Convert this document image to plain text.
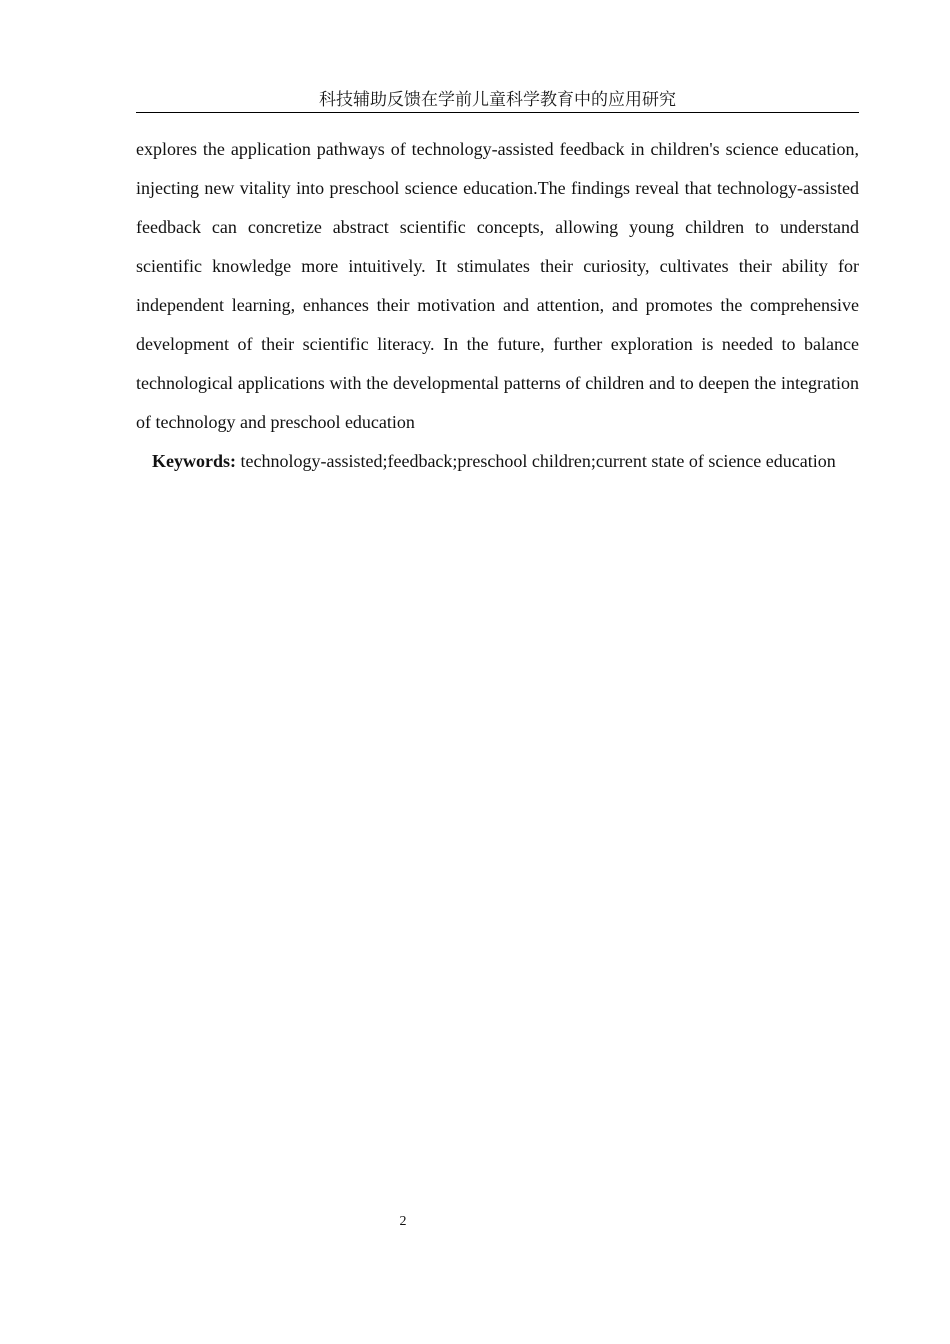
科技辅助反馈在学前儿童科学教育中的应用研究

explores the application pathways of technology-assisted feedback in children's science education, injecting new vitality into preschool science education.The findings reveal that technology-assisted feedback can concretize abstract scientific concepts, allowing young children to understand scientific knowledge more intuitively. It stimulates their curiosity, cultivates their ability for independent learning, enhances their motivation and attention, and promotes the comprehensive development of their scientific literacy. In the future, further exploration is needed to balance technological applications with the developmental patterns of children and to deepen the integration of technology and preschool education

Keywords: technology-assisted;feedback;preschool children;current state of science education

2
